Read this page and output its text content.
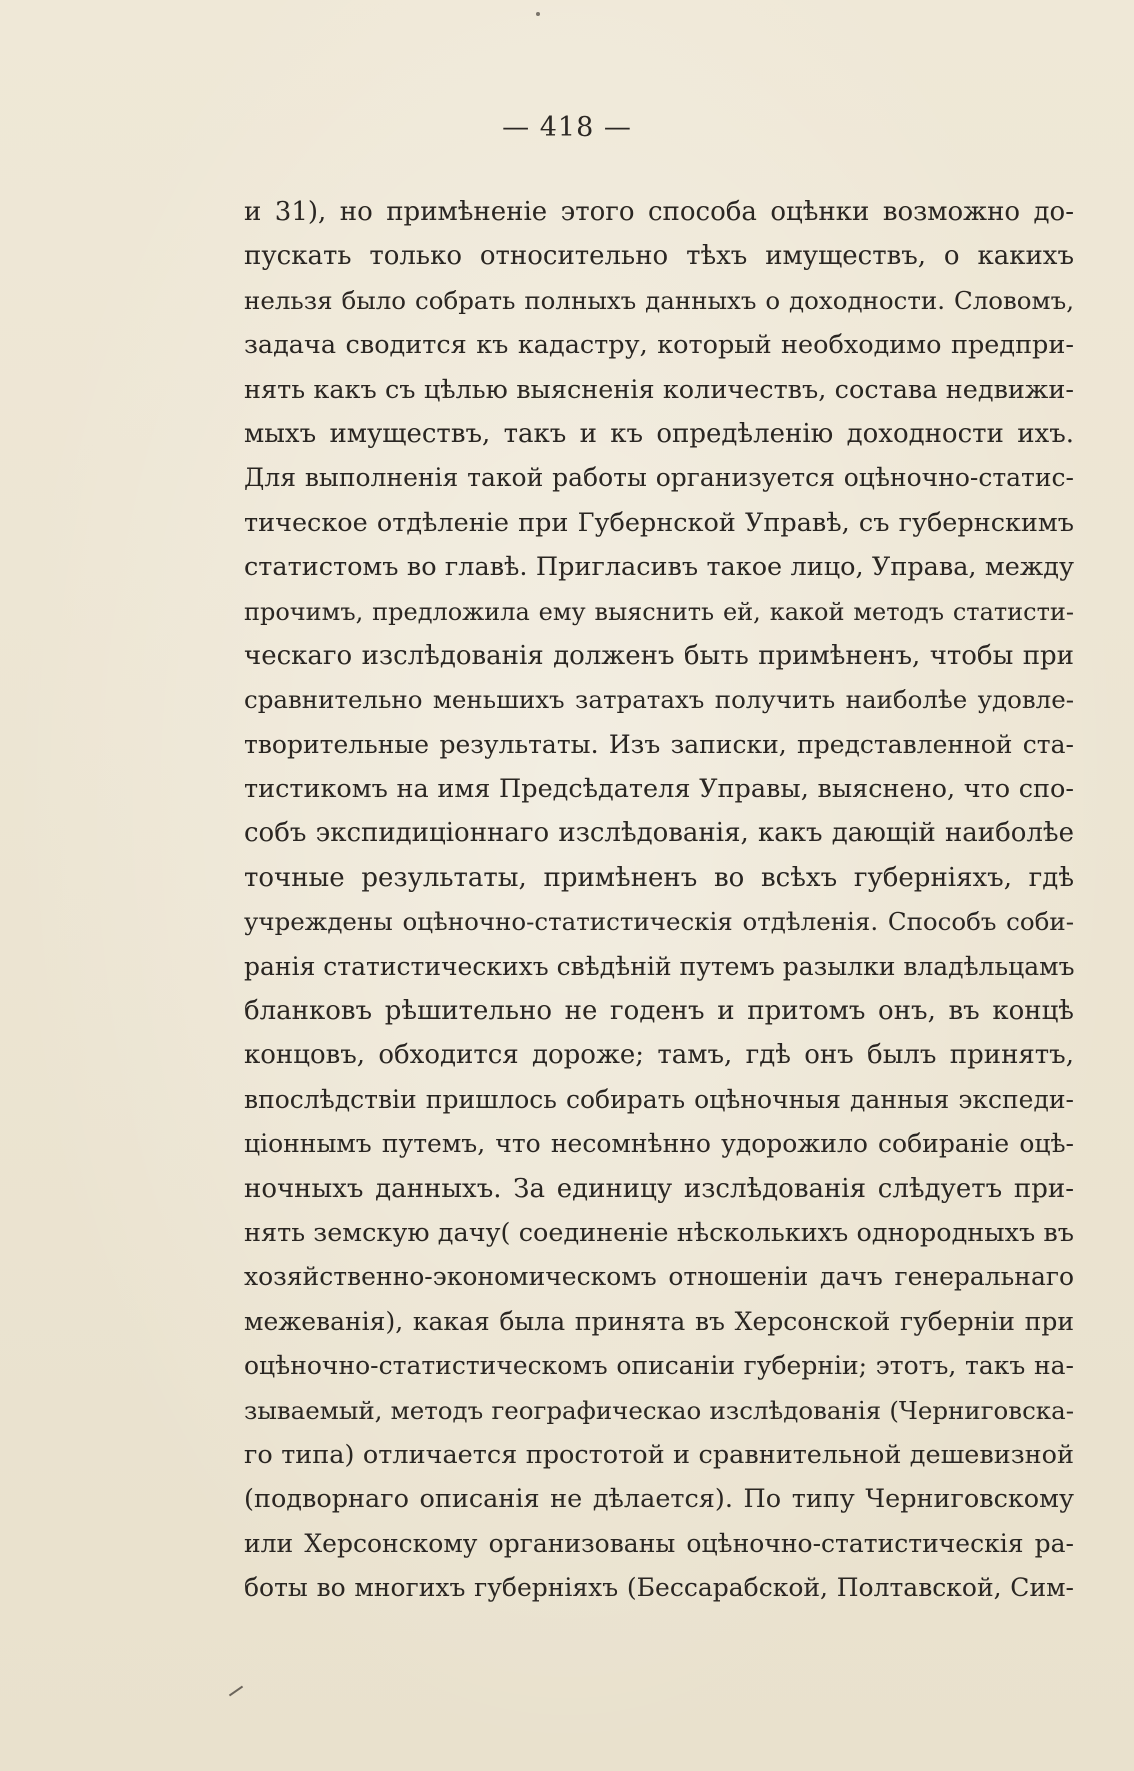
— 418 —
и 31), но примѣненіе этого способа оцѣнки возможно до-
пускать только относительно тѣхъ имуществъ, о какихъ
нельзя было собрать полныхъ данныхъ о доходности. Словомъ,
задача сводится къ кадастру, который необходимо предпри-
нять какъ съ цѣлью выясненія количествъ, состава недвижи-
мыхъ имуществъ, такъ и къ опредѣленію доходности ихъ.
Для выполненія такой работы организуется оцѣночно-статис-
тическое отдѣленіе при Губернской Управѣ, съ губернскимъ
статистомъ во главѣ. Пригласивъ такое лицо, Управа, между
прочимъ, предложила ему выяснить ей, какой методъ статисти-
ческаго изслѣдованія долженъ быть примѣненъ, чтобы при
сравнительно меньшихъ затратахъ получить наиболѣе удовле-
творительные результаты. Изъ записки, представленной ста-
тистикомъ на имя Предсѣдателя Управы, выяснено, что спо-
собъ экспидиціоннаго изслѣдованія, какъ дающій наиболѣе
точные результаты, примѣненъ во всѣхъ губерніяхъ, гдѣ
учреждены оцѣночно-статистическія отдѣленія. Способъ соби-
ранія статистическихъ свѣдѣній путемъ разылки владѣльцамъ
бланковъ рѣшительно не годенъ и притомъ онъ, въ концѣ
концовъ, обходится дороже; тамъ, гдѣ онъ былъ принятъ,
впослѣдствіи пришлось собирать оцѣночныя данныя экспеди-
ціоннымъ путемъ, что несомнѣнно удорожило собираніе оцѣ-
ночныхъ данныхъ. За единицу изслѣдованія слѣдуетъ при-
нять земскую дачу( соединеніе нѣсколькихъ однородныхъ въ
хозяйственно-экономическомъ отношеніи дачъ генеральнаго
межеванія), какая была принята въ Херсонской губерніи при
оцѣночно-статистическомъ описаніи губерніи; этотъ, такъ на-
зываемый, методъ географическао изслѣдованія (Черниговска-
го типа) отличается простотой и сравнительной дешевизной
(подворнаго описанія не дѣлается). По типу Черниговскому
или Херсонскому организованы оцѣночно-статистическія ра-
боты во многихъ губерніяхъ (Бессарабской, Полтавской, Сим-
